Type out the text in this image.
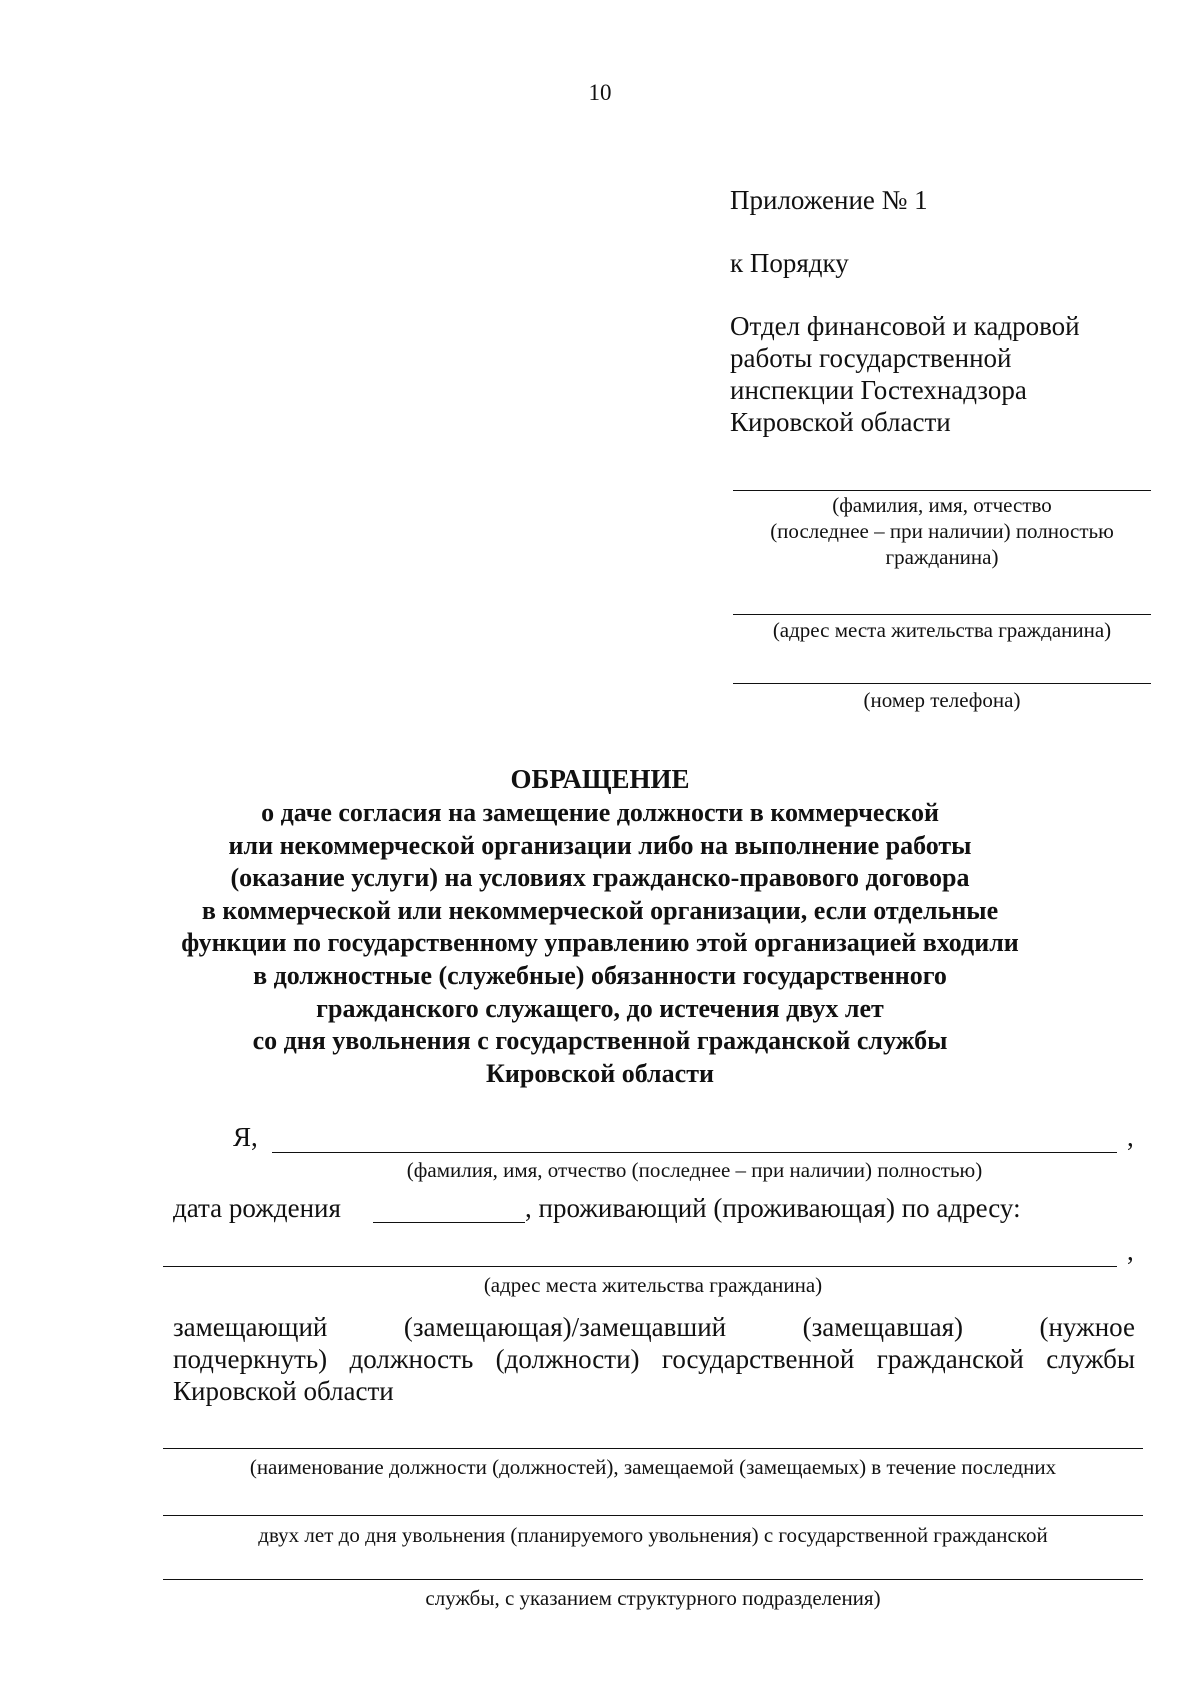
10
Приложение № 1
к Порядку
Отдел финансовой и кадровой
работы государственной
инспекции Гостехнадзора
Кировской области
(фамилия, имя, отчество
(последнее – при наличии) полностью
гражданина)
(адрес места жительства гражданина)
(номер телефона)
ОБРАЩЕНИЕ
о даче согласия на замещение должности в коммерческой
или некоммерческой организации либо на выполнение работы
(оказание услуги) на условиях гражданско-правового договора
в коммерческой или некоммерческой организации, если отдельные
функции по государственному управлению этой организацией входили
в должностные (служебные) обязанности государственного
гражданского служащего, до истечения двух лет
со дня увольнения с государственной гражданской службы
Кировской области
Я,	,
(фамилия, имя, отчество (последнее – при наличии) полностью)
дата рождения	, проживающий (проживающая) по адресу:
,
(адрес места жительства гражданина)
замещающий	(замещающая)/замещавший	(замещавшая)	(нужное
подчеркнуть) должность (должности) государственной гражданской службы
Кировской области
(наименование должности (должностей), замещаемой (замещаемых) в течение последних
двух лет до дня увольнения (планируемого увольнения) с государственной гражданской
службы, с указанием структурного подразделения)
